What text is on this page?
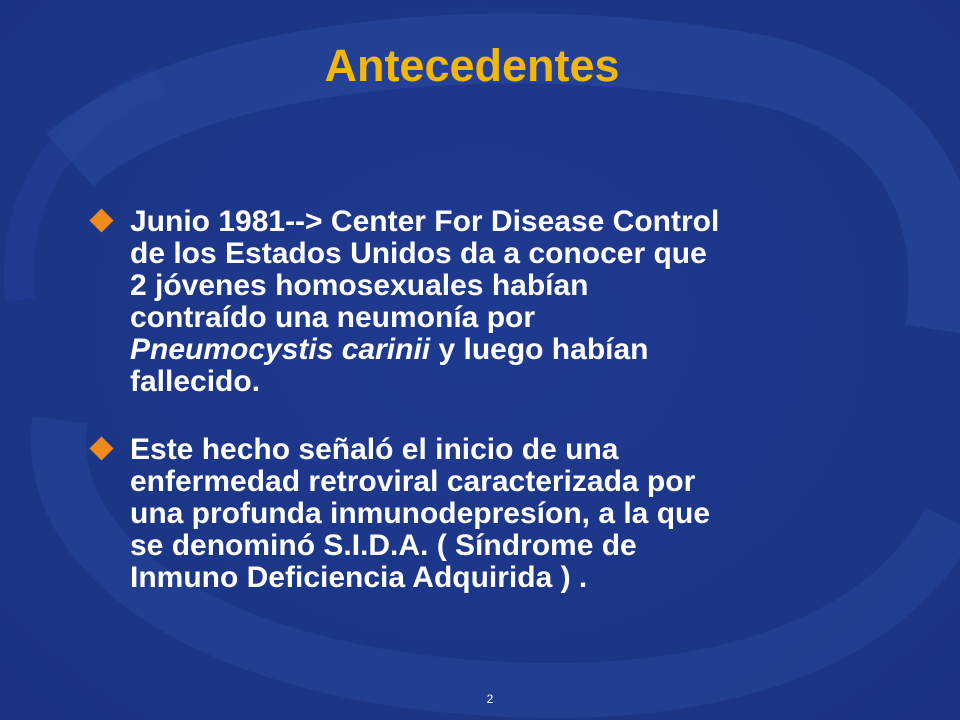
Antecedentes
Junio 1981--> Center For Disease Control
de los Estados Unidos da a conocer que
2 jóvenes homosexuales habían
contraído una neumonía por
Pneumocystis carinii y luego habían
fallecido.
Este hecho señaló el inicio de una
enfermedad retroviral caracterizada por
una profunda inmunodepresíon, a la que
se denominó S.I.D.A. ( Síndrome de
Inmuno Deficiencia Adquirida ) .
2
